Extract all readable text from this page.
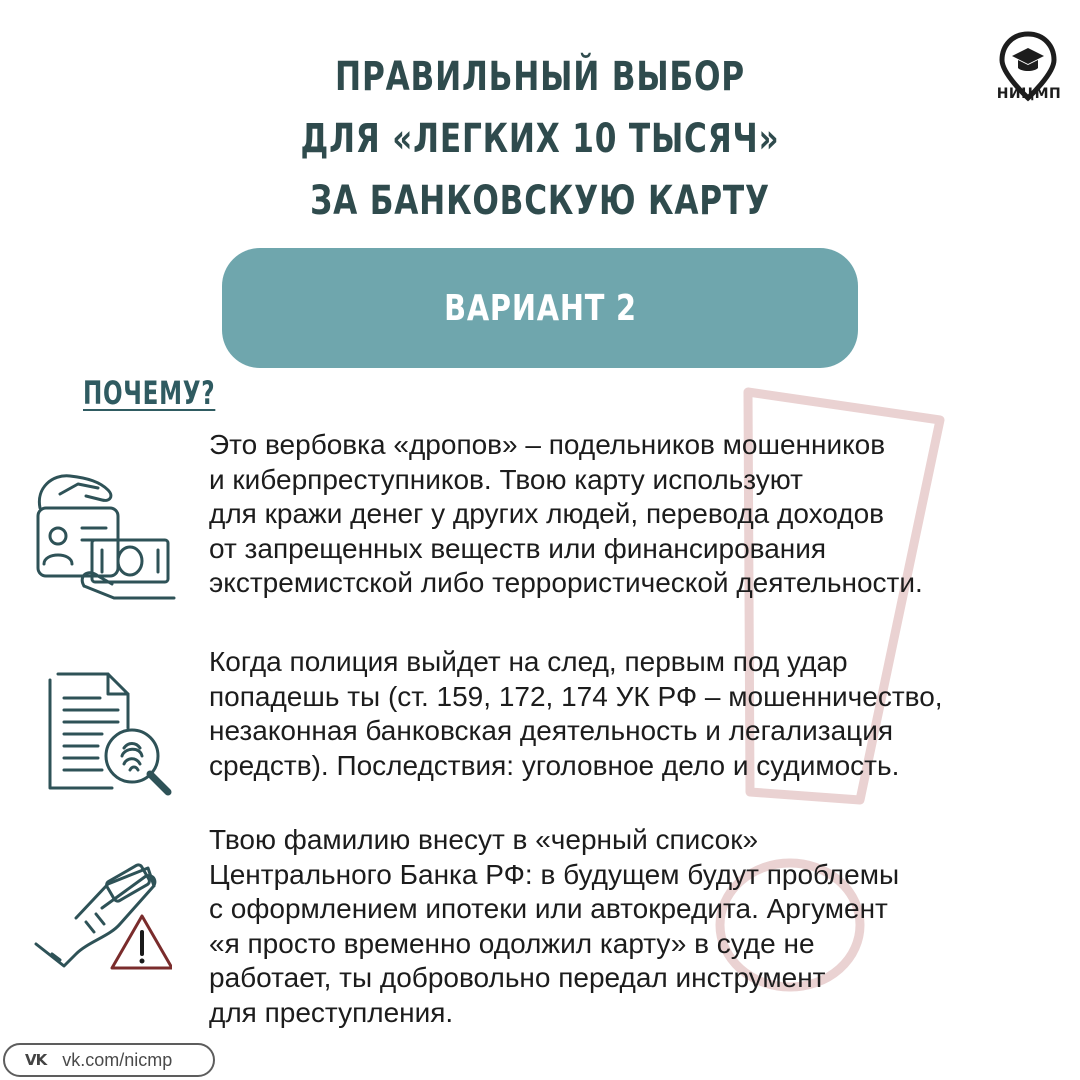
ПРАВИЛЬНЫЙ ВЫБОР
ДЛЯ «ЛЕГКИХ 10 ТЫСЯЧ»
ЗА БАНКОВСКУЮ КАРТУ
НИЦМП
ВАРИАНТ 2
ПОЧЕМУ?
Это вербовка «дропов» – подельников мошенников
и киберпреступников. Твою карту используют
для кражи денег у других людей, перевода доходов
от запрещенных веществ или финансирования
экстремистской либо террористической деятельности.
Когда полиция выйдет на след, первым под удар
попадешь ты (ст. 159, 172, 174 УК РФ – мошенничество,
незаконная банковская деятельность и легализация
средств). Последствия: уголовное дело и судимость.
Твою фамилию внесут в «черный список»
Центрального Банка РФ: в будущем будут проблемы
с оформлением ипотеки или автокредита. Аргумент
«я просто временно одолжил карту» в суде не
работает, ты добровольно передал инструмент
для преступления.
VK vk.com/nicmp
